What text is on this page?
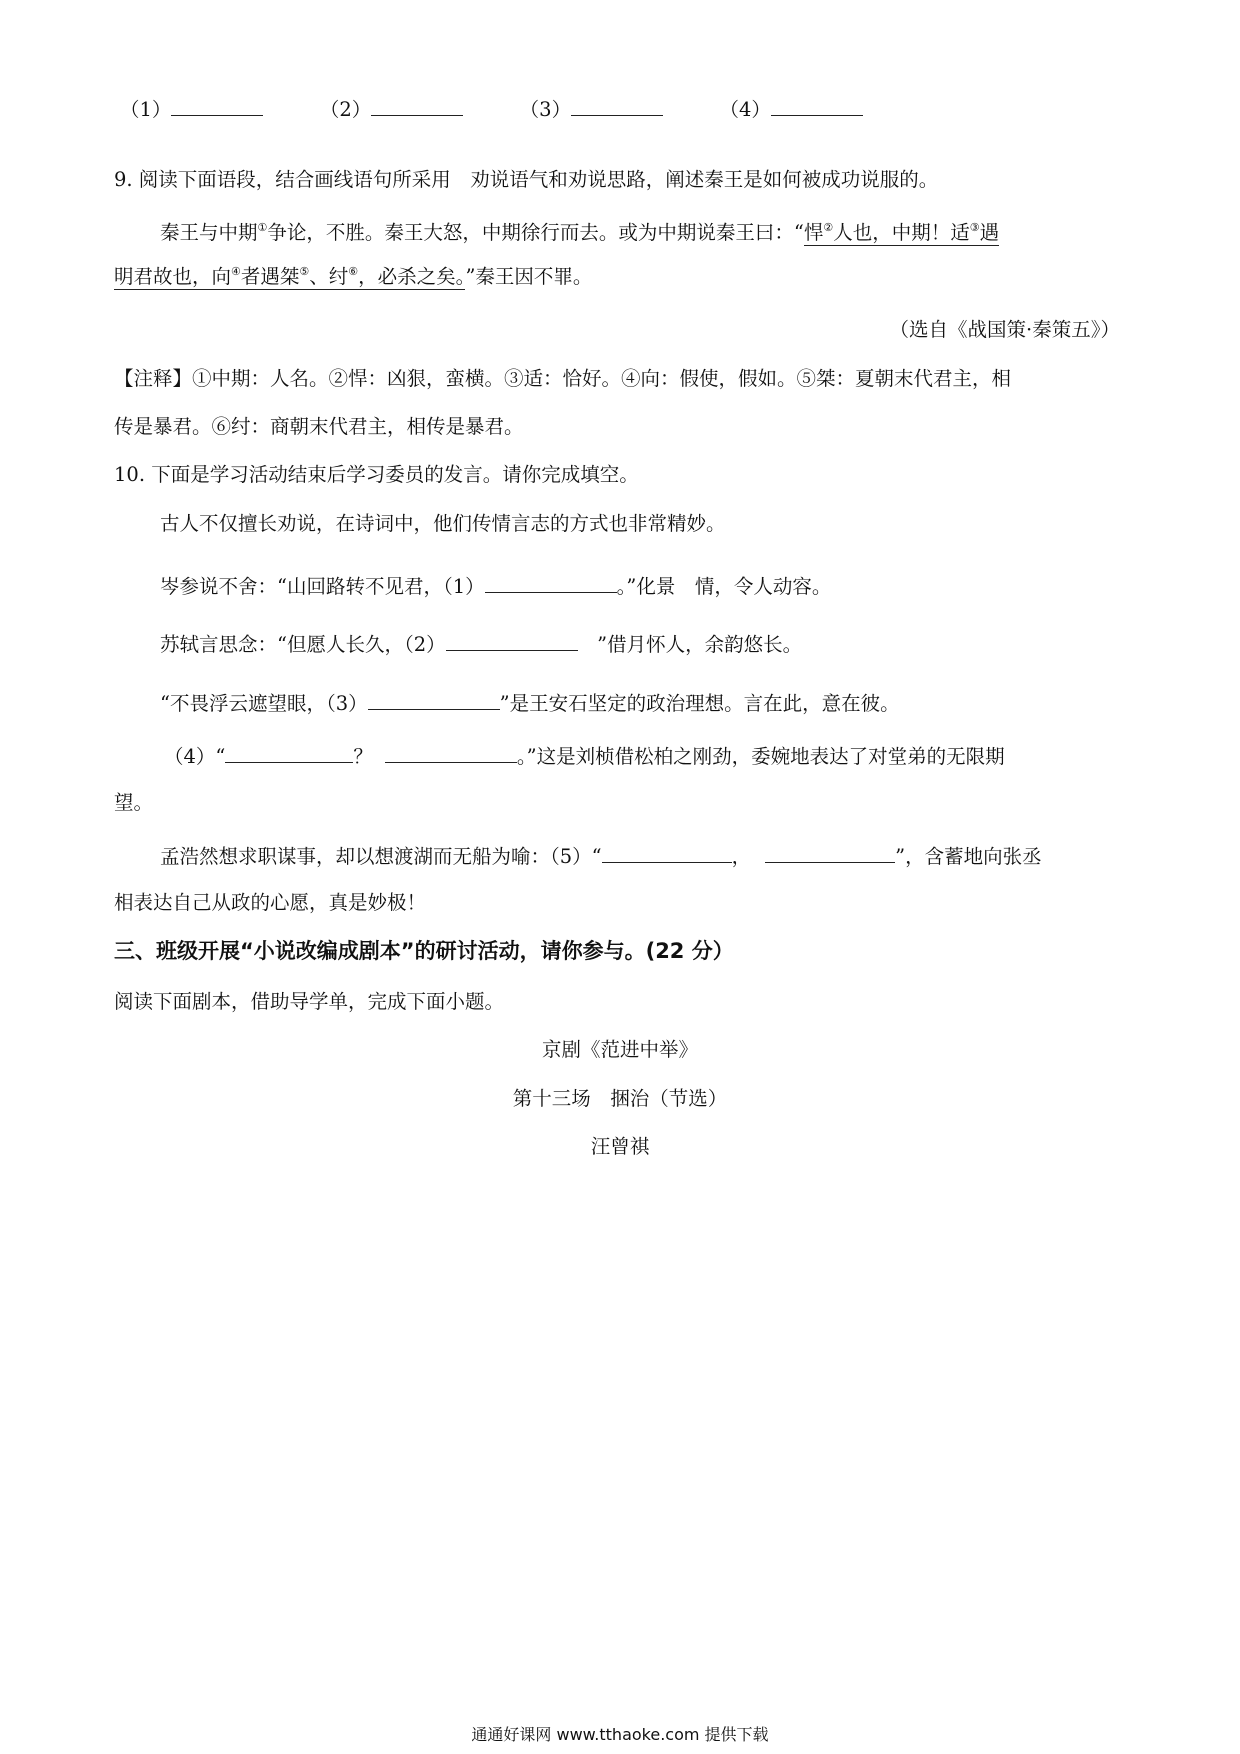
（1）	（2）	（3）	（4）
9. 阅读下面语段，结合画线语句所采用　劝说语气和劝说思路，阐述秦王是如何被成功说服的。
秦王与中期①争论，不胜。秦王大怒，中期徐行而去。或为中期说秦王曰：“悍②人也，中期！适③遇
明君故也，向④者遇桀⑤、纣⑥，必杀之矣。”秦王因不罪。
（选自《战国策·秦策五》）
【注释】①中期：人名。②悍：凶狠，蛮横。③适：恰好。④向：假使，假如。⑤桀：夏朝末代君主，相
传是暴君。⑥纣：商朝末代君主，相传是暴君。
10. 下面是学习活动结束后学习委员的发言。请你完成填空。
古人不仅擅长劝说，在诗词中，他们传情言志的方式也非常精妙。
岑参说不舍：“山回路转不见君，（1）	。”化景　情，令人动容。
苏轼言思念：“但愿人长久，（2）	　”借月怀人，余韵悠长。
“不畏浮云遮望眼，（3）	”是王安石坚定的政治理想。言在此，意在彼。
（4）“	？	。”这是刘桢借松柏之刚劲，委婉地表达了对堂弟的无限期
望。
孟浩然想求职谋事，却以想渡湖而无船为喻：（5）“	，	”，含蓄地向张丞
相表达自己从政的心愿，真是妙极！
三、班级开展“小说改编成剧本”的研讨活动，请你参与。(22 分）
阅读下面剧本，借助导学单，完成下面小题。
京剧《范进中举》
第十三场　捆治（节选）
汪曾祺
通通好课网 www.tthaoke.com 提供下载
